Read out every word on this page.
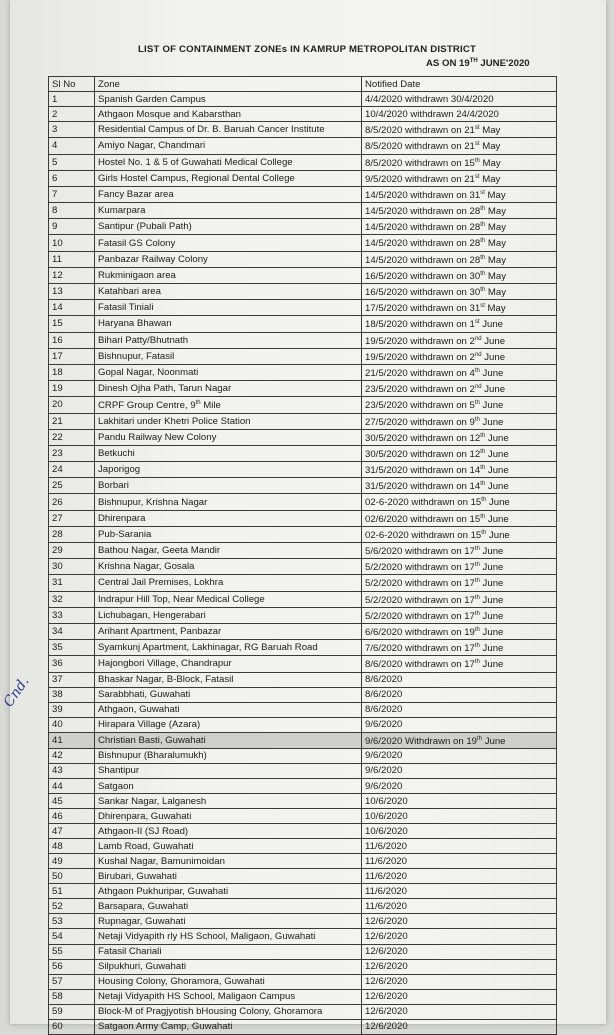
LIST OF CONTAINMENT ZONEs IN KAMRUP METROPOLITAN DISTRICT
AS ON 19TH JUNE'2020
Cnd.
Sl No	Zone	Notified Date
1	Spanish Garden Campus	4/4/2020 withdrawn 30/4/2020
2	Athgaon Mosque and Kabarsthan	10/4/2020 withdrawn 24/4/2020
3	Residential Campus of Dr. B. Baruah Cancer Institute	8/5/2020 withdrawn on 21st May
4	Amiyo Nagar, Chandmari	8/5/2020 withdrawn on 21st May
5	Hostel No. 1 & 5 of Guwahati Medical College	8/5/2020 withdrawn on 15th May
6	Girls Hostel Campus, Regional Dental College	9/5/2020 withdrawn on 21st May
7	Fancy Bazar area	14/5/2020 withdrawn on 31st May
8	Kumarpara	14/5/2020 withdrawn on 28th May
9	Santipur (Pubali Path)	14/5/2020 withdrawn on 28th May
10	Fatasil GS Colony	14/5/2020 withdrawn on 28th May
11	Panbazar Railway Colony	14/5/2020 withdrawn on 28th May
12	Rukminigaon area	16/5/2020 withdrawn on 30th May
13	Katahbari area	16/5/2020 withdrawn on 30th May
14	Fatasil Tiniali	17/5/2020 withdrawn on 31st May
15	Haryana Bhawan	18/5/2020 withdrawn on 1st June
16	Bihari Patty/Bhutnath	19/5/2020 withdrawn on 2nd June
17	Bishnupur, Fatasil	19/5/2020 withdrawn on 2nd June
18	Gopal Nagar, Noonmati	21/5/2020 withdrawn on 4th June
19	Dinesh Ojha Path, Tarun Nagar	23/5/2020 withdrawn on 2nd June
20	CRPF Group Centre, 9th Mile	23/5/2020 withdrawn on 5th June
21	Lakhitari under Khetri Police Station	27/5/2020 withdrawn on 9th June
22	Pandu Railway New Colony	30/5/2020 withdrawn on 12th June
23	Betkuchi	30/5/2020 withdrawn on 12th June
24	Japorigog	31/5/2020 withdrawn on 14th June
25	Borbari	31/5/2020 withdrawn on 14th June
26	Bishnupur, Krishna Nagar	02-6-2020 withdrawn on 15th June
27	Dhirenpara	02/6/2020 withdrawn on 15th June
28	Pub-Sarania	02-6-2020 withdrawn on 15th June
29	Bathou Nagar, Geeta Mandir	5/6/2020 withdrawn on 17th June
30	Krishna Nagar, Gosala	5/2/2020 withdrawn on 17th June
31	Central Jail Premises, Lokhra	5/2/2020 withdrawn on 17th June
32	Indrapur Hill Top, Near Medical College	5/2/2020 withdrawn on 17th June
33	Lichubagan, Hengerabari	5/2/2020 withdrawn on 17th June
34	Arihant Apartment, Panbazar	6/6/2020 withdrawn on 19th June
35	Syamkunj Apartment, Lakhinagar, RG Baruah Road	7/6/2020 withdrawn on 17th June
36	Hajongbori Village, Chandrapur	8/6/2020 withdrawn on 17th June
37	Bhaskar Nagar, B-Block, Fatasil	8/6/2020
38	Sarabbhati, Guwahati	8/6/2020
39	Athgaon, Guwahati	8/6/2020
40	Hirapara Village (Azara)	9/6/2020
41	Christian Basti, Guwahati	9/6/2020 Withdrawn on 19th June
42	Bishnupur (Bharalumukh)	9/6/2020
43	Shantipur	9/6/2020
44	Satgaon	9/6/2020
45	Sankar Nagar, Lalganesh	10/6/2020
46	Dhirenpara, Guwahati	10/6/2020
47	Athgaon-II (SJ Road)	10/6/2020
48	Lamb Road, Guwahati	11/6/2020
49	Kushal Nagar, Bamunimoidan	11/6/2020
50	Birubari, Guwahati	11/6/2020
51	Athgaon Pukhuripar, Guwahati	11/6/2020
52	Barsapara, Guwahati	11/6/2020
53	Rupnagar, Guwahati	12/6/2020
54	Netaji Vidyapith rly HS School, Maligaon, Guwahati	12/6/2020
55	Fatasil Chariali	12/6/2020
56	Silpukhuri, Guwahati	12/6/2020
57	Housing Colony, Ghoramora, Guwahati	12/6/2020
58	Netaji Vidyapith HS School, Maligaon Campus	12/6/2020
59	Block-M of Pragjyotish bHousing Colony, Ghoramora	12/6/2020
60	Satgaon Army Camp, Guwahati	12/6/2020
